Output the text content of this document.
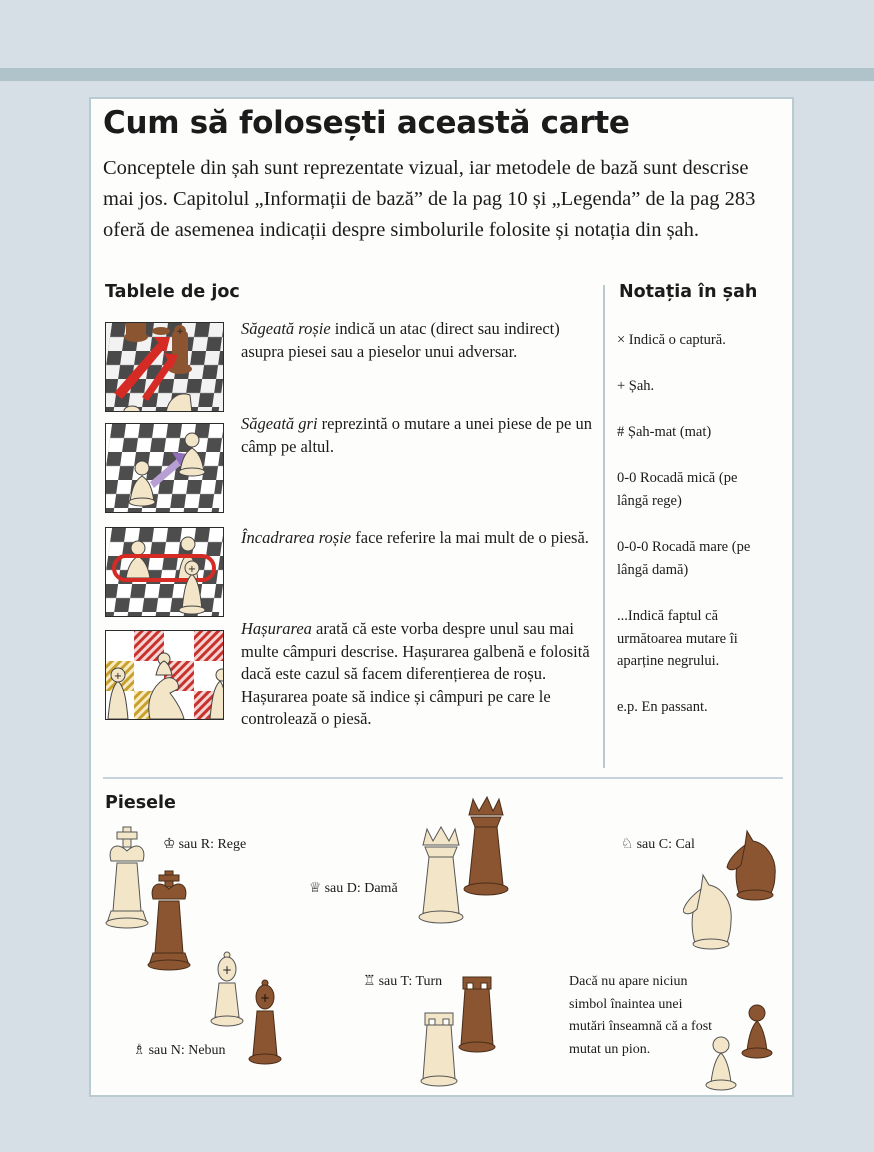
Cum să folosești această carte

Conceptele din șah sunt reprezentate vizual, iar metodele de bază sunt descrise mai jos. Capitolul „Informații de bază” de la pag 10 și „Legenda” de la pag 283 oferă de asemenea indicații despre simbolurile folosite și notația din șah.

Tablele de joc	Notația în șah
+	Săgeată roșie indică un atac (direct sau indirect) asupra piesei sau a pieselor unui adversar.

Săgeată gri reprezintă o mutare a unei piese de pe un câmp pe altul.

+

Încadrarea roșie face referire la mai mult de o piesă.

+

Hașurarea arată că este vorba despre unul sau mai multe câmpuri descrise. Hașurarea galbenă e folosită dacă este cazul să facem diferențierea de roșu. Hașurarea poate să indice și câmpuri pe care le controlează o piesă.

× Indică o captură.

+ Șah.

# Șah-mat (mat)

0-0 Rocadă mică (pe lângă rege)

0-0-0 Rocadă mare (pe lângă damă)

...Indică faptul că următoarea mutare îi aparține negrului.

e.p. En passant.

Piesele
♔ sau R: Rege
+
+
♗ sau N: Nebun
♕ sau D: Damă
♖ sau T: Turn
♘ sau C: Cal

Dacă nu apare niciun simbol înaintea unei mutări înseamnă că a fost mutat un pion.
